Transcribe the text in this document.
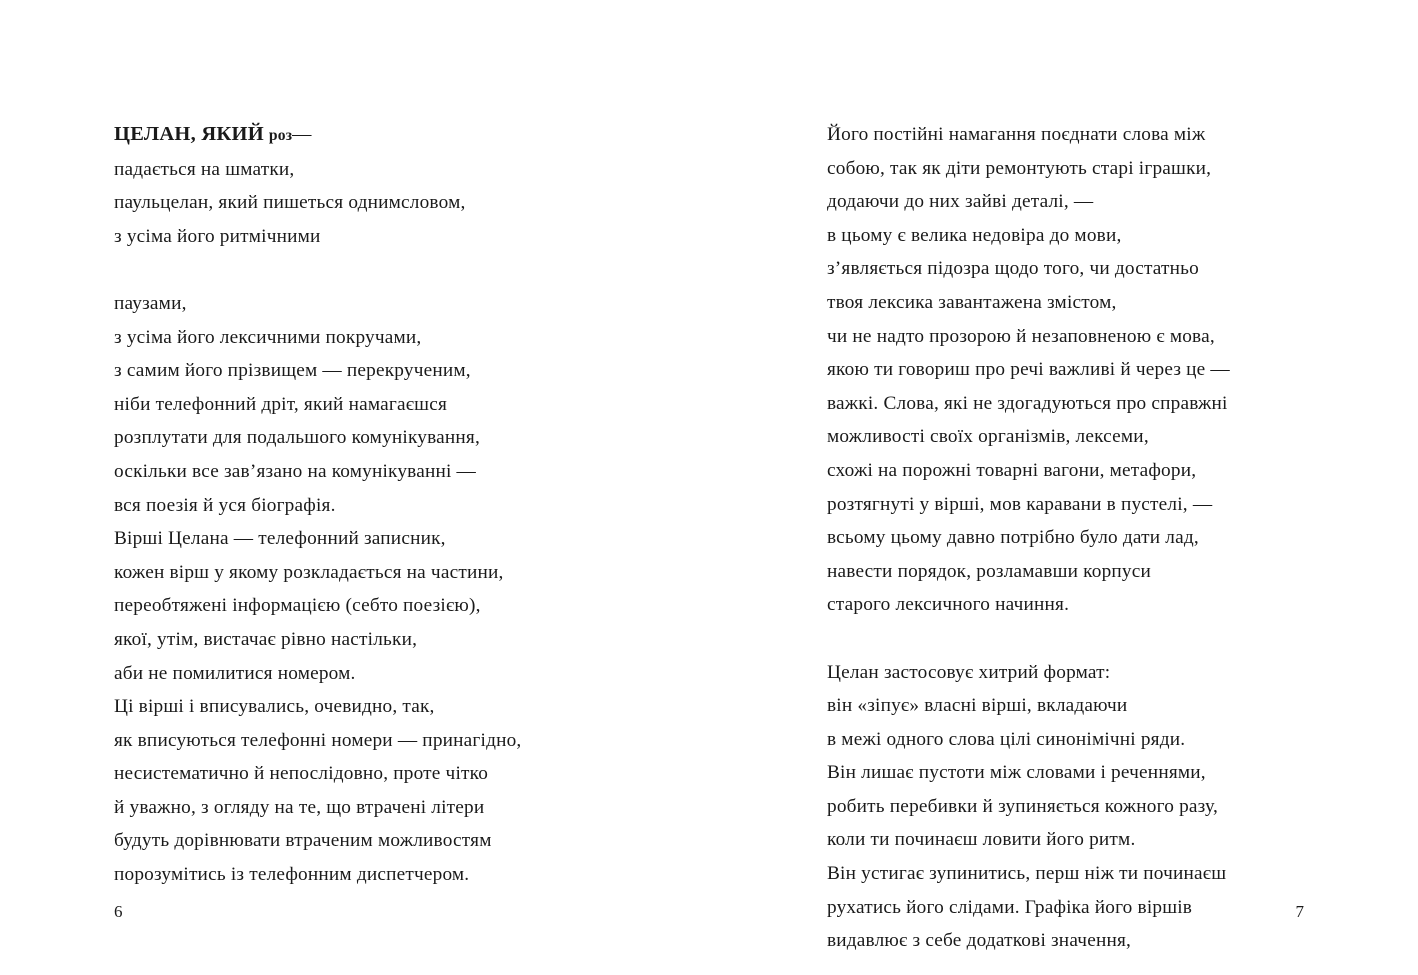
ЦЕЛАН, ЯКИЙ роз—
падається на шматки,
паульцелан, який пишеться однимсловом,
з усіма його ритмічними
паузами,
з усіма його лексичними покручами,
з самим його прізвищем — перекрученим,
ніби телефонний дріт, який намагаєшся
розплутати для подальшого комунікування,
оскільки все зав’язано на комунікуванні —
вся поезія й уся біографія.
Вірші Целана — телефонний записник,
кожен вірш у якому розкладається на частини,
переобтяжені інформацією (себто поезією),
якої, утім, вистачає рівно настільки,
аби не помилитися номером.
Ці вірші і вписувались, очевидно, так,
як вписуються телефонні номери — принагідно,
несистематично й непослідовно, проте чітко
й уважно, з огляду на те, що втрачені літери
будуть дорівнювати втраченим можливостям
порозумітись із телефонним диспетчером.
6
Його постійні намагання поєднати слова між
собою, так як діти ремонтують старі іграшки,
додаючи до них зайві деталі, —
в цьому є велика недовіра до мови,
з’являється підозра щодо того, чи достатньо
твоя лексика завантажена змістом,
чи не надто прозорою й незаповненою є мова,
якою ти говориш про речі важливі й через це —
важкі. Слова, які не здогадуються про справжні
можливості своїх організмів, лексеми,
схожі на порожні товарні вагони, метафори,
розтягнуті у вірші, мов каравани в пустелі, —
всьому цьому давно потрібно було дати лад,
навести порядок, розламавши корпуси
старого лексичного начиння.
Целан застосовує хитрий формат:
він «зіпує» власні вірші, вкладаючи
в межі одного слова цілі синонімічні ряди.
Він лишає пустоти між словами і реченнями,
робить перебивки й зупиняється кожного разу,
коли ти починаєш ловити його ритм.
Він устигає зупинитись, перш ніж ти починаєш
рухатись його слідами. Графіка його віршів
видавлює з себе додаткові значення,
7
